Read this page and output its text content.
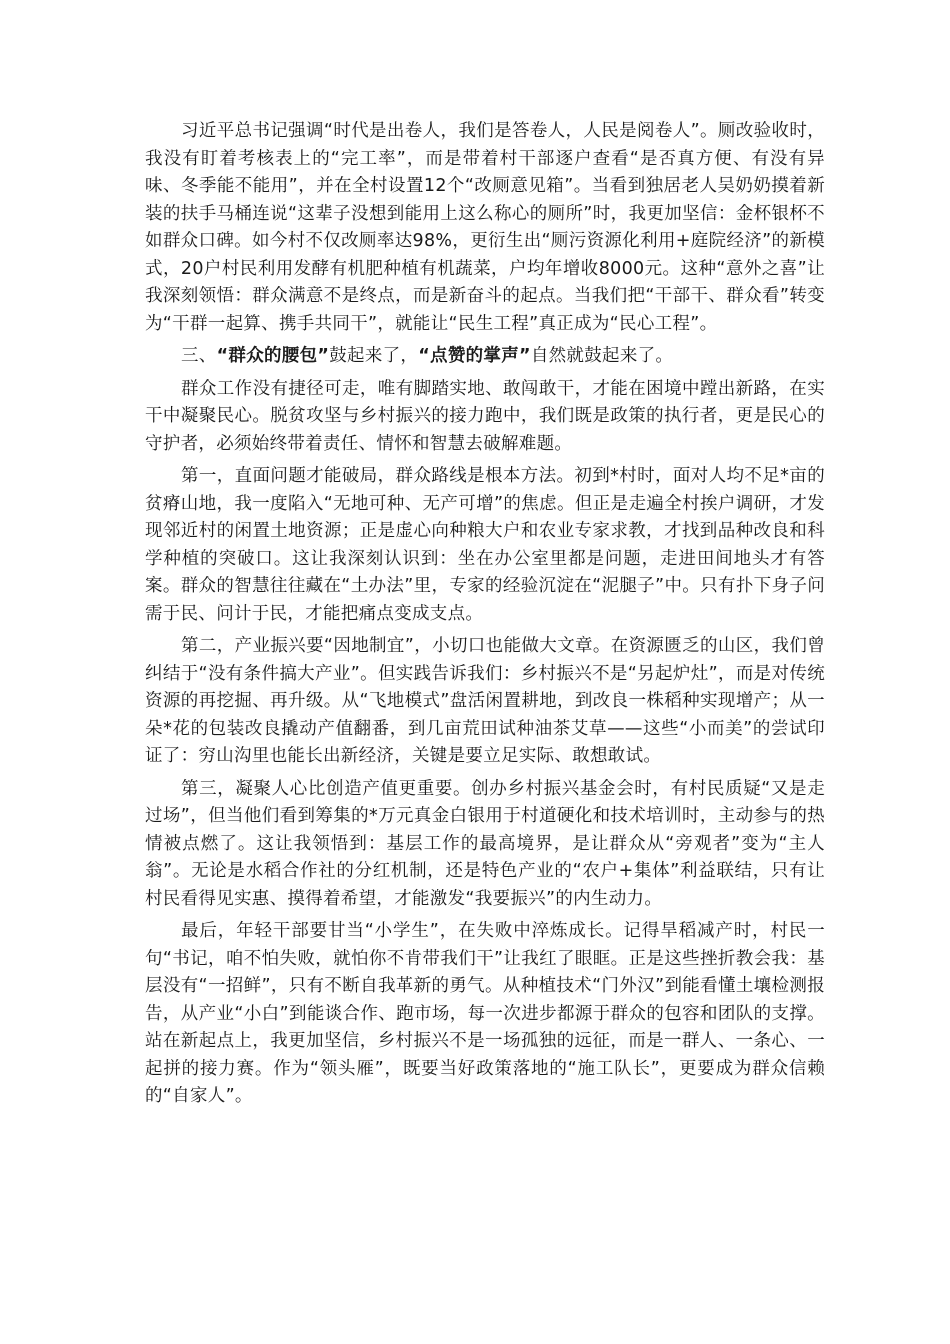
习近平总书记强调“时代是出卷人，我们是答卷人，人民是阅卷人”。厕改验收时，我没有盯着考核表上的“完工率”，而是带着村干部逐户查看“是否真方便、有没有异味、冬季能不能用”，并在全村设置12个“改厕意见箱”。当看到独居老人吴奶奶摸着新装的扶手马桶连说“这辈子没想到能用上这么称心的厕所”时，我更加坚信：金杯银杯不如群众口碑。如今村不仅改厕率达98%，更衍生出“厕污资源化利用+庭院经济”的新模式，20户村民利用发酵有机肥种植有机蔬菜，户均年增收8000元。这种“意外之喜”让我深刻领悟：群众满意不是终点，而是新奋斗的起点。当我们把“干部干、群众看”转变为“干群一起算、携手共同干”，就能让“民生工程”真正成为“民心工程”。

三、“群众的腰包”鼓起来了，“点赞的掌声”自然就鼓起来了。

群众工作没有捷径可走，唯有脚踏实地、敢闯敢干，才能在困境中蹚出新路，在实干中凝聚民心。脱贫攻坚与乡村振兴的接力跑中，我们既是政策的执行者，更是民心的守护者，必须始终带着责任、情怀和智慧去破解难题。

第一，直面问题才能破局，群众路线是根本方法。初到*村时，面对人均不足*亩的贫瘠山地，我一度陷入“无地可种、无产可增”的焦虑。但正是走遍全村挨户调研，才发现邻近村的闲置土地资源；正是虚心向种粮大户和农业专家求教，才找到品种改良和科学种植的突破口。这让我深刻认识到：坐在办公室里都是问题，走进田间地头才有答案。群众的智慧往往藏在“土办法”里，专家的经验沉淀在“泥腿子”中。只有扑下身子问需于民、问计于民，才能把痛点变成支点。

第二，产业振兴要“因地制宜”，小切口也能做大文章。在资源匮乏的山区，我们曾纠结于“没有条件搞大产业”。但实践告诉我们：乡村振兴不是“另起炉灶”，而是对传统资源的再挖掘、再升级。从“飞地模式”盘活闲置耕地，到改良一株稻种实现增产；从一朵*花的包装改良撬动产值翻番，到几亩荒田试种油茶艾草——这些“小而美”的尝试印证了：穷山沟里也能长出新经济，关键是要立足实际、敢想敢试。

第三，凝聚人心比创造产值更重要。创办乡村振兴基金会时，有村民质疑“又是走过场”，但当他们看到筹集的*万元真金白银用于村道硬化和技术培训时，主动参与的热情被点燃了。这让我领悟到：基层工作的最高境界，是让群众从“旁观者”变为“主人翁”。无论是水稻合作社的分红机制，还是特色产业的“农户+集体”利益联结，只有让村民看得见实惠、摸得着希望，才能激发“我要振兴”的内生动力。

最后，年轻干部要甘当“小学生”，在失败中淬炼成长。记得旱稻减产时，村民一句“书记，咱不怕失败，就怕你不肯带我们干”让我红了眼眶。正是这些挫折教会我：基层没有“一招鲜”，只有不断自我革新的勇气。从种植技术“门外汉”到能看懂土壤检测报告，从产业“小白”到能谈合作、跑市场，每一次进步都源于群众的包容和团队的支撑。站在新起点上，我更加坚信，乡村振兴不是一场孤独的远征，而是一群人、一条心、一起拼的接力赛。作为“领头雁”，既要当好政策落地的“施工队长”，更要成为群众信赖的“自家人”。
